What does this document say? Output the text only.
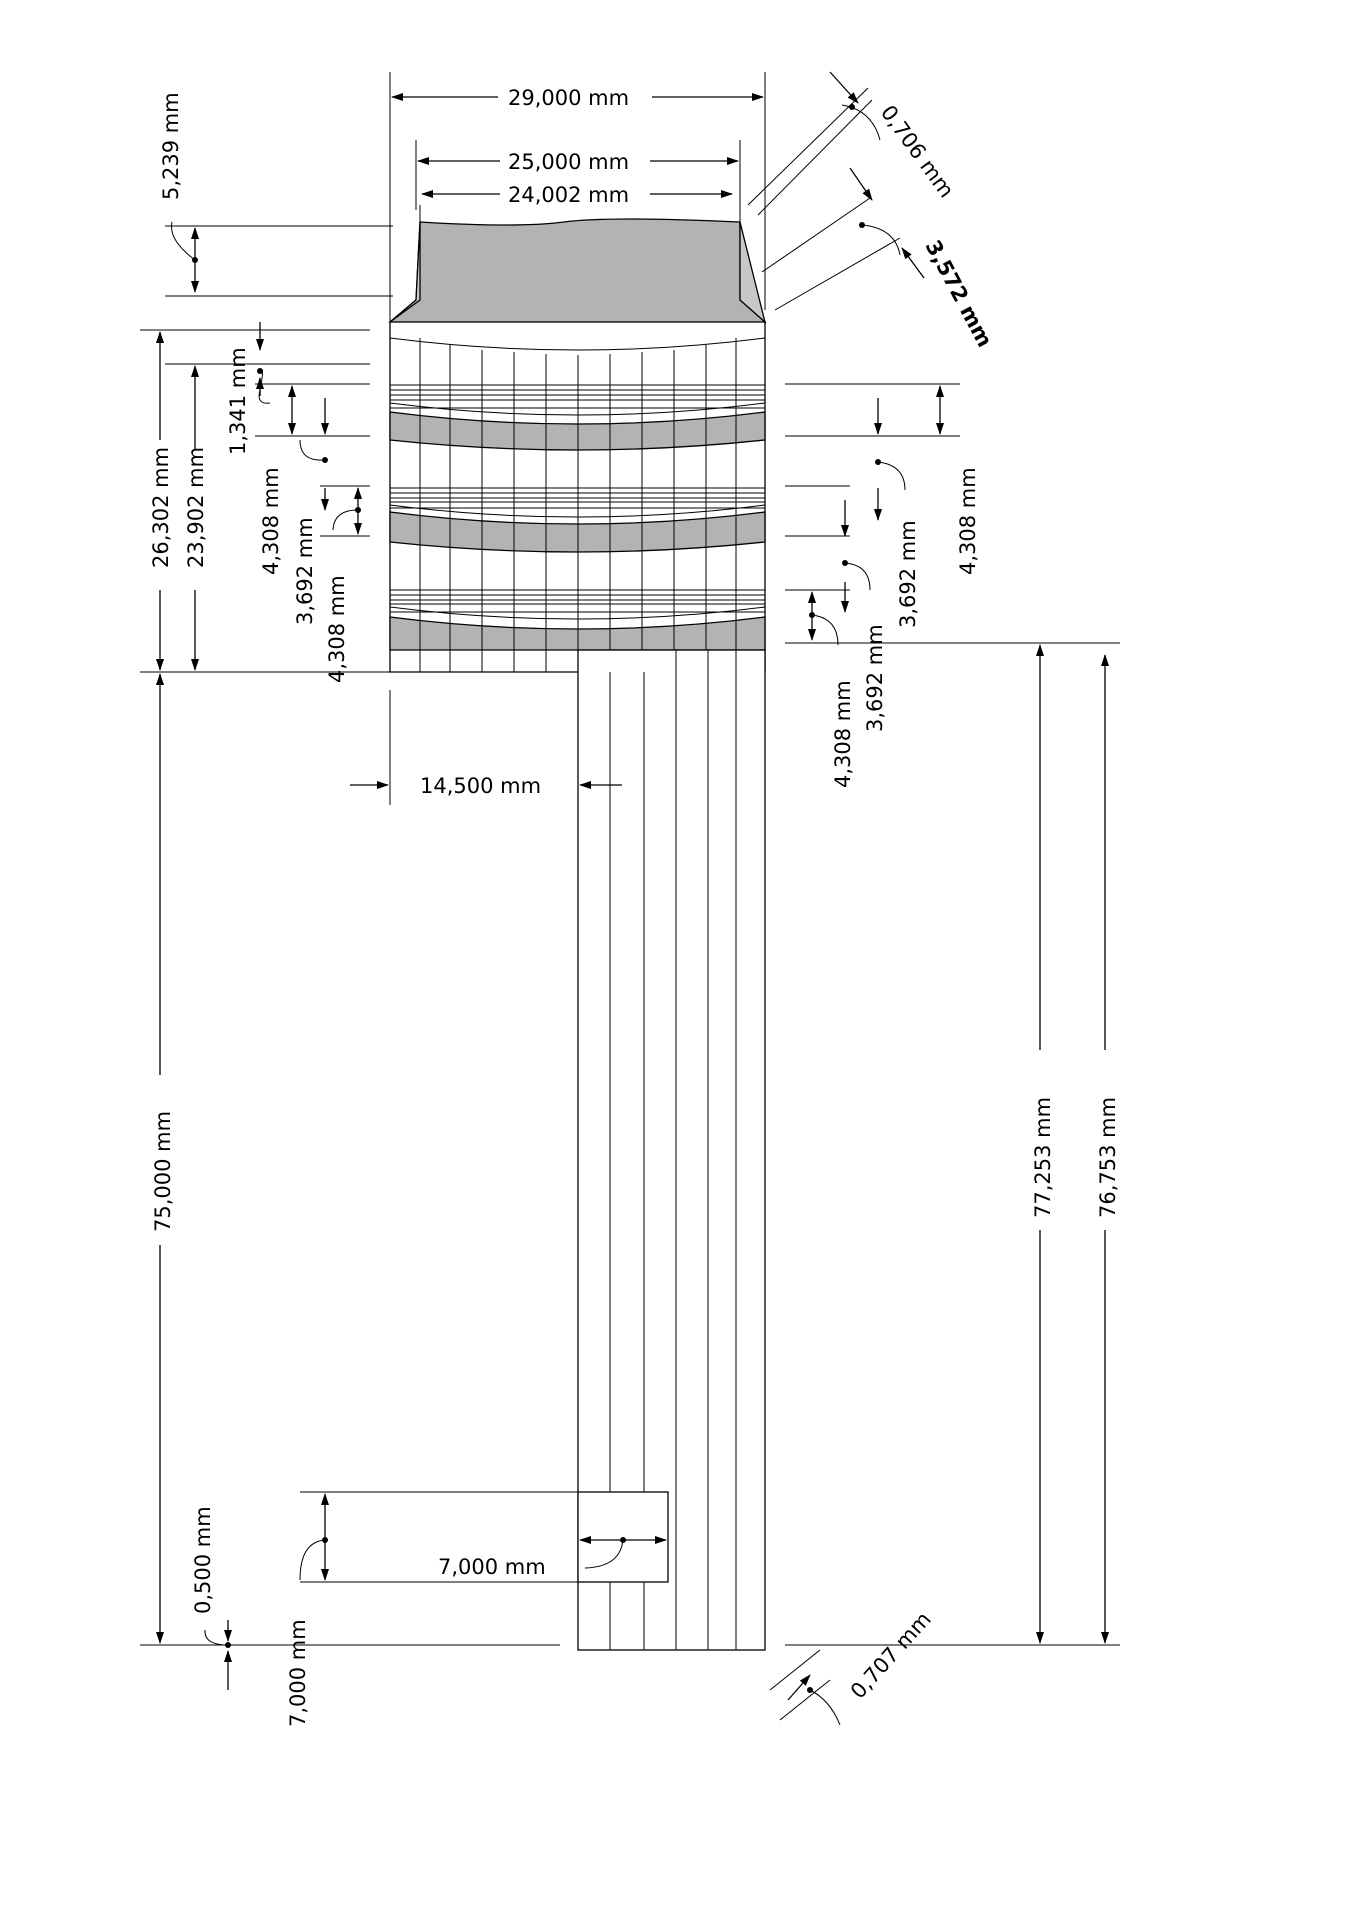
29,000 mm
25,000 mm
24,002 mm	0,706 mm
3,572 mm
5,239 mm
26,302 mm 23,902 mm
1,341 mm
4,308 mm 3,692 mm
4,308 mm
4,308 mm
3,692 mm
3,692 mm
4,308 mm
14,500 mm
75,000 mm	77,253 mm 76,753 mm
7,000 mm
7,000 mm
0,500 mm
0,707 mm
